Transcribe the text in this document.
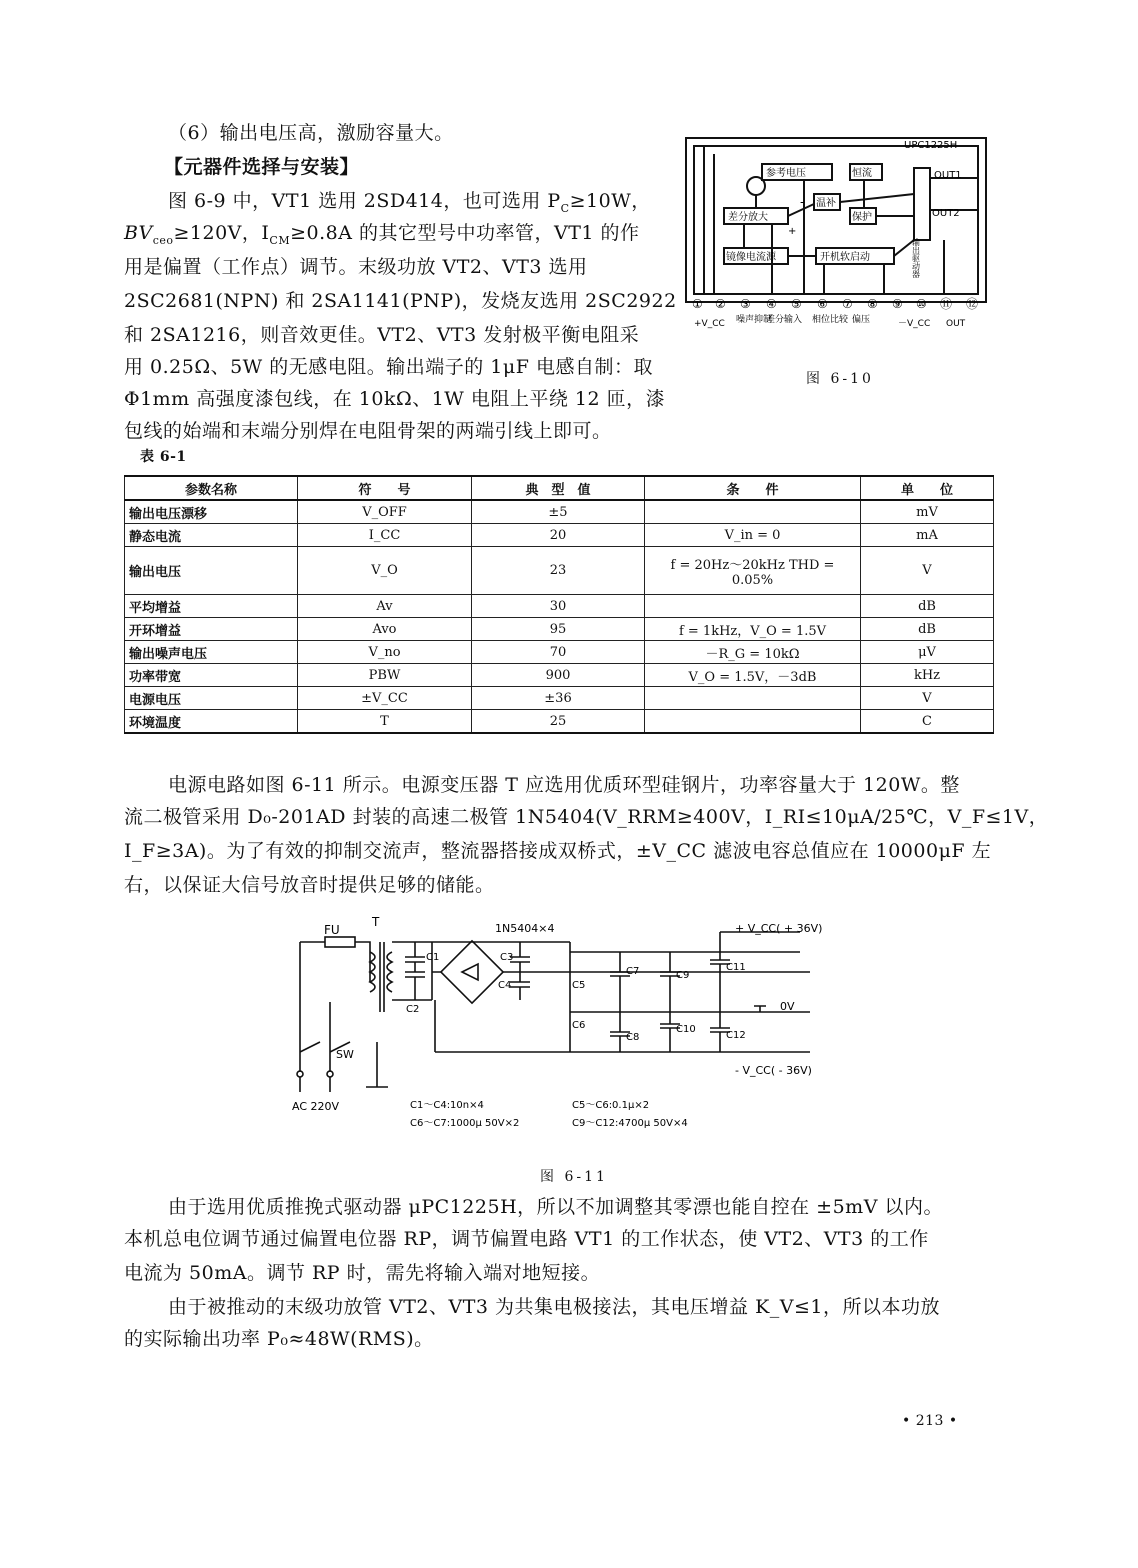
（6）输出电压高，激励容量大。
【元器件选择与安装】
图 6-9 中，VT1 选用 2SD414，也可选用 $P_C\ge 10W$，
$BV_{ceo}\ge 120V$，$I_{CM}\ge 0.8A$ 的其它型号中功率管，VT1 的作
用是偏置（工作点）调节。末级功放 VT2、VT3 选用
2SC2681(NPN) 和 2SA1141(PNP)，发烧友选用 2SC2922
和 2SA1216，则音效更佳。VT2、VT3 发射极平衡电阻采
用 0.25Ω、5W 的无感电阻。输出端子的 1μF 电感自制：取
Φ1mm 高强度漆包线，在 10kΩ、1W 电阻上平绕 12 匝，漆
包线的始端和末端分别焊在电阻骨架的两端引线上即可。
UPC1225H
参考电压	恒流
差分放大
温补
保护
镜像电流源	开机软启动	输出驱动器
-
+
OUT1
OUT2
① ② ③ ④ ⑤ ⑥ ⑦ ⑧ ⑨ ⑩ ⑪ ⑫
+V_CC 噪声抑制
差分输入 相位比较 偏压	－V_CC OUT
图 6-10
表 6-1
参数名称	符　　号	典　型　值	条　　件	单　　位
输出电压漂移	V_OFF	±5		mV
静态电流	I_CC	20	V_in = 0	mA
输出电压	V_O	23	f = 20Hz～20kHz THD = 0.05%	V
平均增益	Av	30		dB
开环增益	Avo	95	f = 1kHz，V_O = 1.5V	dB
输出噪声电压	V_no	70	－R_G = 10kΩ	μV
功率带宽	PBW	900	V_O = 1.5V，－3dB	kHz
电源电压	±V_CC	±36		V
环境温度	T	25		C
电源电路如图 6-11 所示。电源变压器 T 应选用优质环型硅钢片，功率容量大于 120W。整
流二极管采用 D₀-201AD 封装的高速二极管 1N5404(V_RRM≥400V，I_RI≤10μA/25℃，V_F≤1V，
I_F≥3A)。为了有效的抑制交流声，整流器搭接成双桥式，±V_CC 滤波电容总值应在 10000μF 左
右，以保证大信号放音时提供足够的储能。
FU
T	1N5404×4	+ V_CC( + 36V)
- V_CC( - 36V)
0V
SW
AC 220V
C1
C2
C3
C4	C5
C6
C7
C8
C9
C10
C11
C12
C1～C4:10n×4	C5～C6:0.1μ×2
C6～C7:1000μ 50V×2	C9～C12:4700μ 50V×4
图 6-11
由于选用优质推挽式驱动器 μPC1225H，所以不加调整其零漂也能自控在 ±5mV 以内。
本机总电位调节通过偏置电位器 RP，调节偏置电路 VT1 的工作状态，使 VT2、VT3 的工作
电流为 50mA。调节 RP 时，需先将输入端对地短接。
由于被推动的末级功放管 VT2、VT3 为共集电极接法，其电压增益 K_V≤1，所以本功放
的实际输出功率 P₀≈48W(RMS)。
• 213 •
